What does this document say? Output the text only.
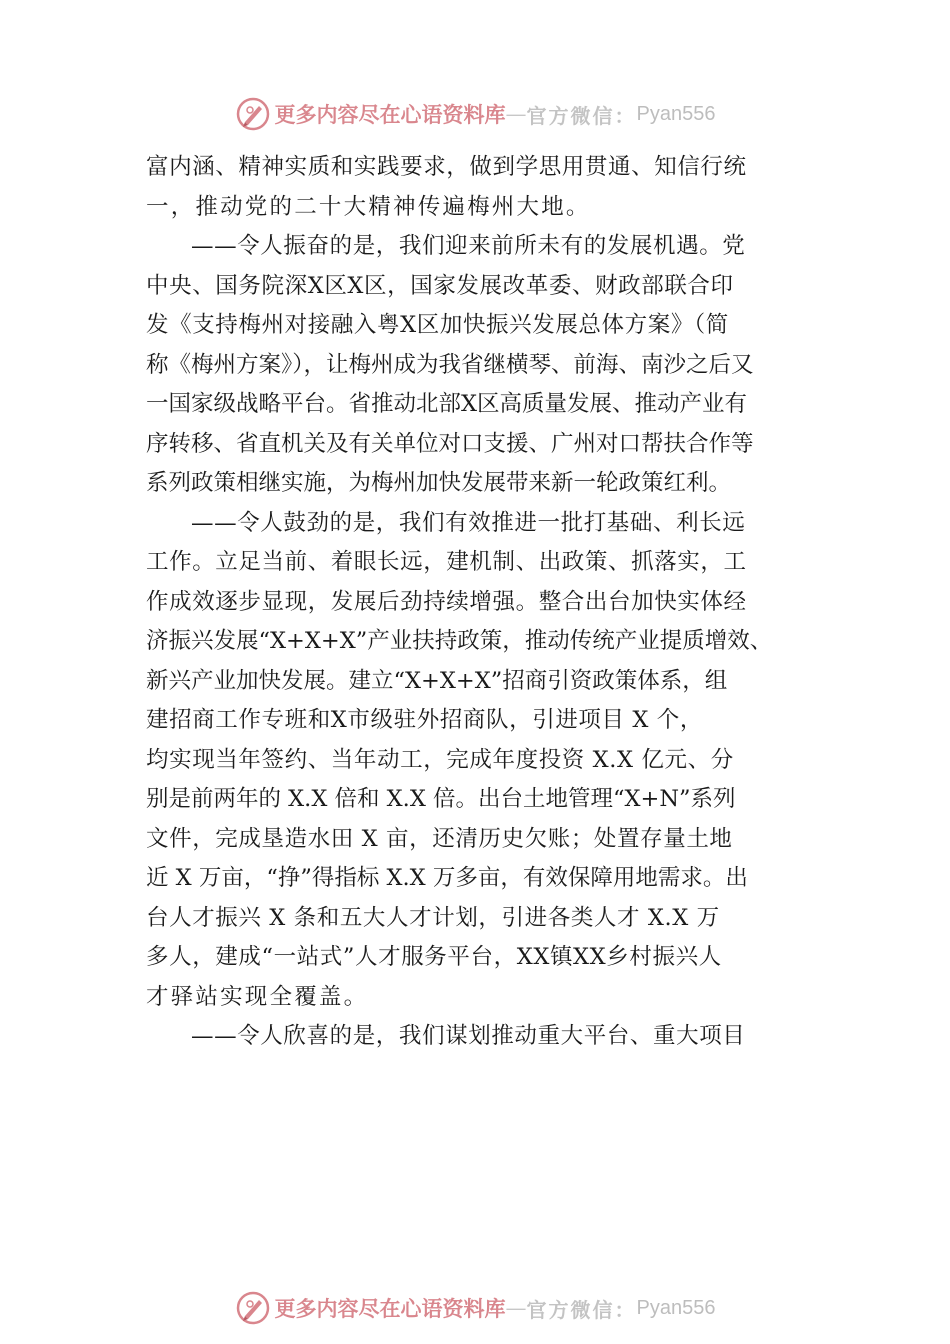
更多内容尽在心语资料库 — 官方微信： Pyan556
富内涵、精神实质和实践要求，做到学思用贯通、知信行统
一，推动党的二十大精神传遍梅州大地。
——令人振奋的是，我们迎来前所未有的发展机遇。党
中央、国务院深X区X区，国家发展改革委、财政部联合印
发《支持梅州对接融入粤X区加快振兴发展总体方案》（简
称《梅州方案》），让梅州成为我省继横琴、前海、南沙之后又
一国家级战略平台。省推动北部X区高质量发展、推动产业有
序转移、省直机关及有关单位对口支援、广州对口帮扶合作等
系列政策相继实施，为梅州加快发展带来新一轮政策红利。
——令人鼓劲的是，我们有效推进一批打基础、利长远
工作。立足当前、着眼长远，建机制、出政策、抓落实，工
作成效逐步显现，发展后劲持续增强。整合出台加快实体经
济振兴发展“X+X+X”产业扶持政策，推动传统产业提质增效、
新兴产业加快发展。建立“X+X+X”招商引资政策体系，组
建招商工作专班和X市级驻外招商队，引进项目 X 个，
均实现当年签约、当年动工，完成年度投资 X.X 亿元、分
别是前两年的 X.X 倍和 X.X 倍。出台土地管理“X+N”系列
文件，完成垦造水田 X 亩，还清历史欠账；处置存量土地
近 X 万亩，“挣”得指标 X.X 万多亩，有效保障用地需求。出
台人才振兴 X 条和五大人才计划，引进各类人才 X.X 万
多人，建成“一站式”人才服务平台，XX镇XX乡村振兴人
才驿站实现全覆盖。
——令人欣喜的是，我们谋划推动重大平台、重大项目
更多内容尽在心语资料库 — 官方微信： Pyan556
